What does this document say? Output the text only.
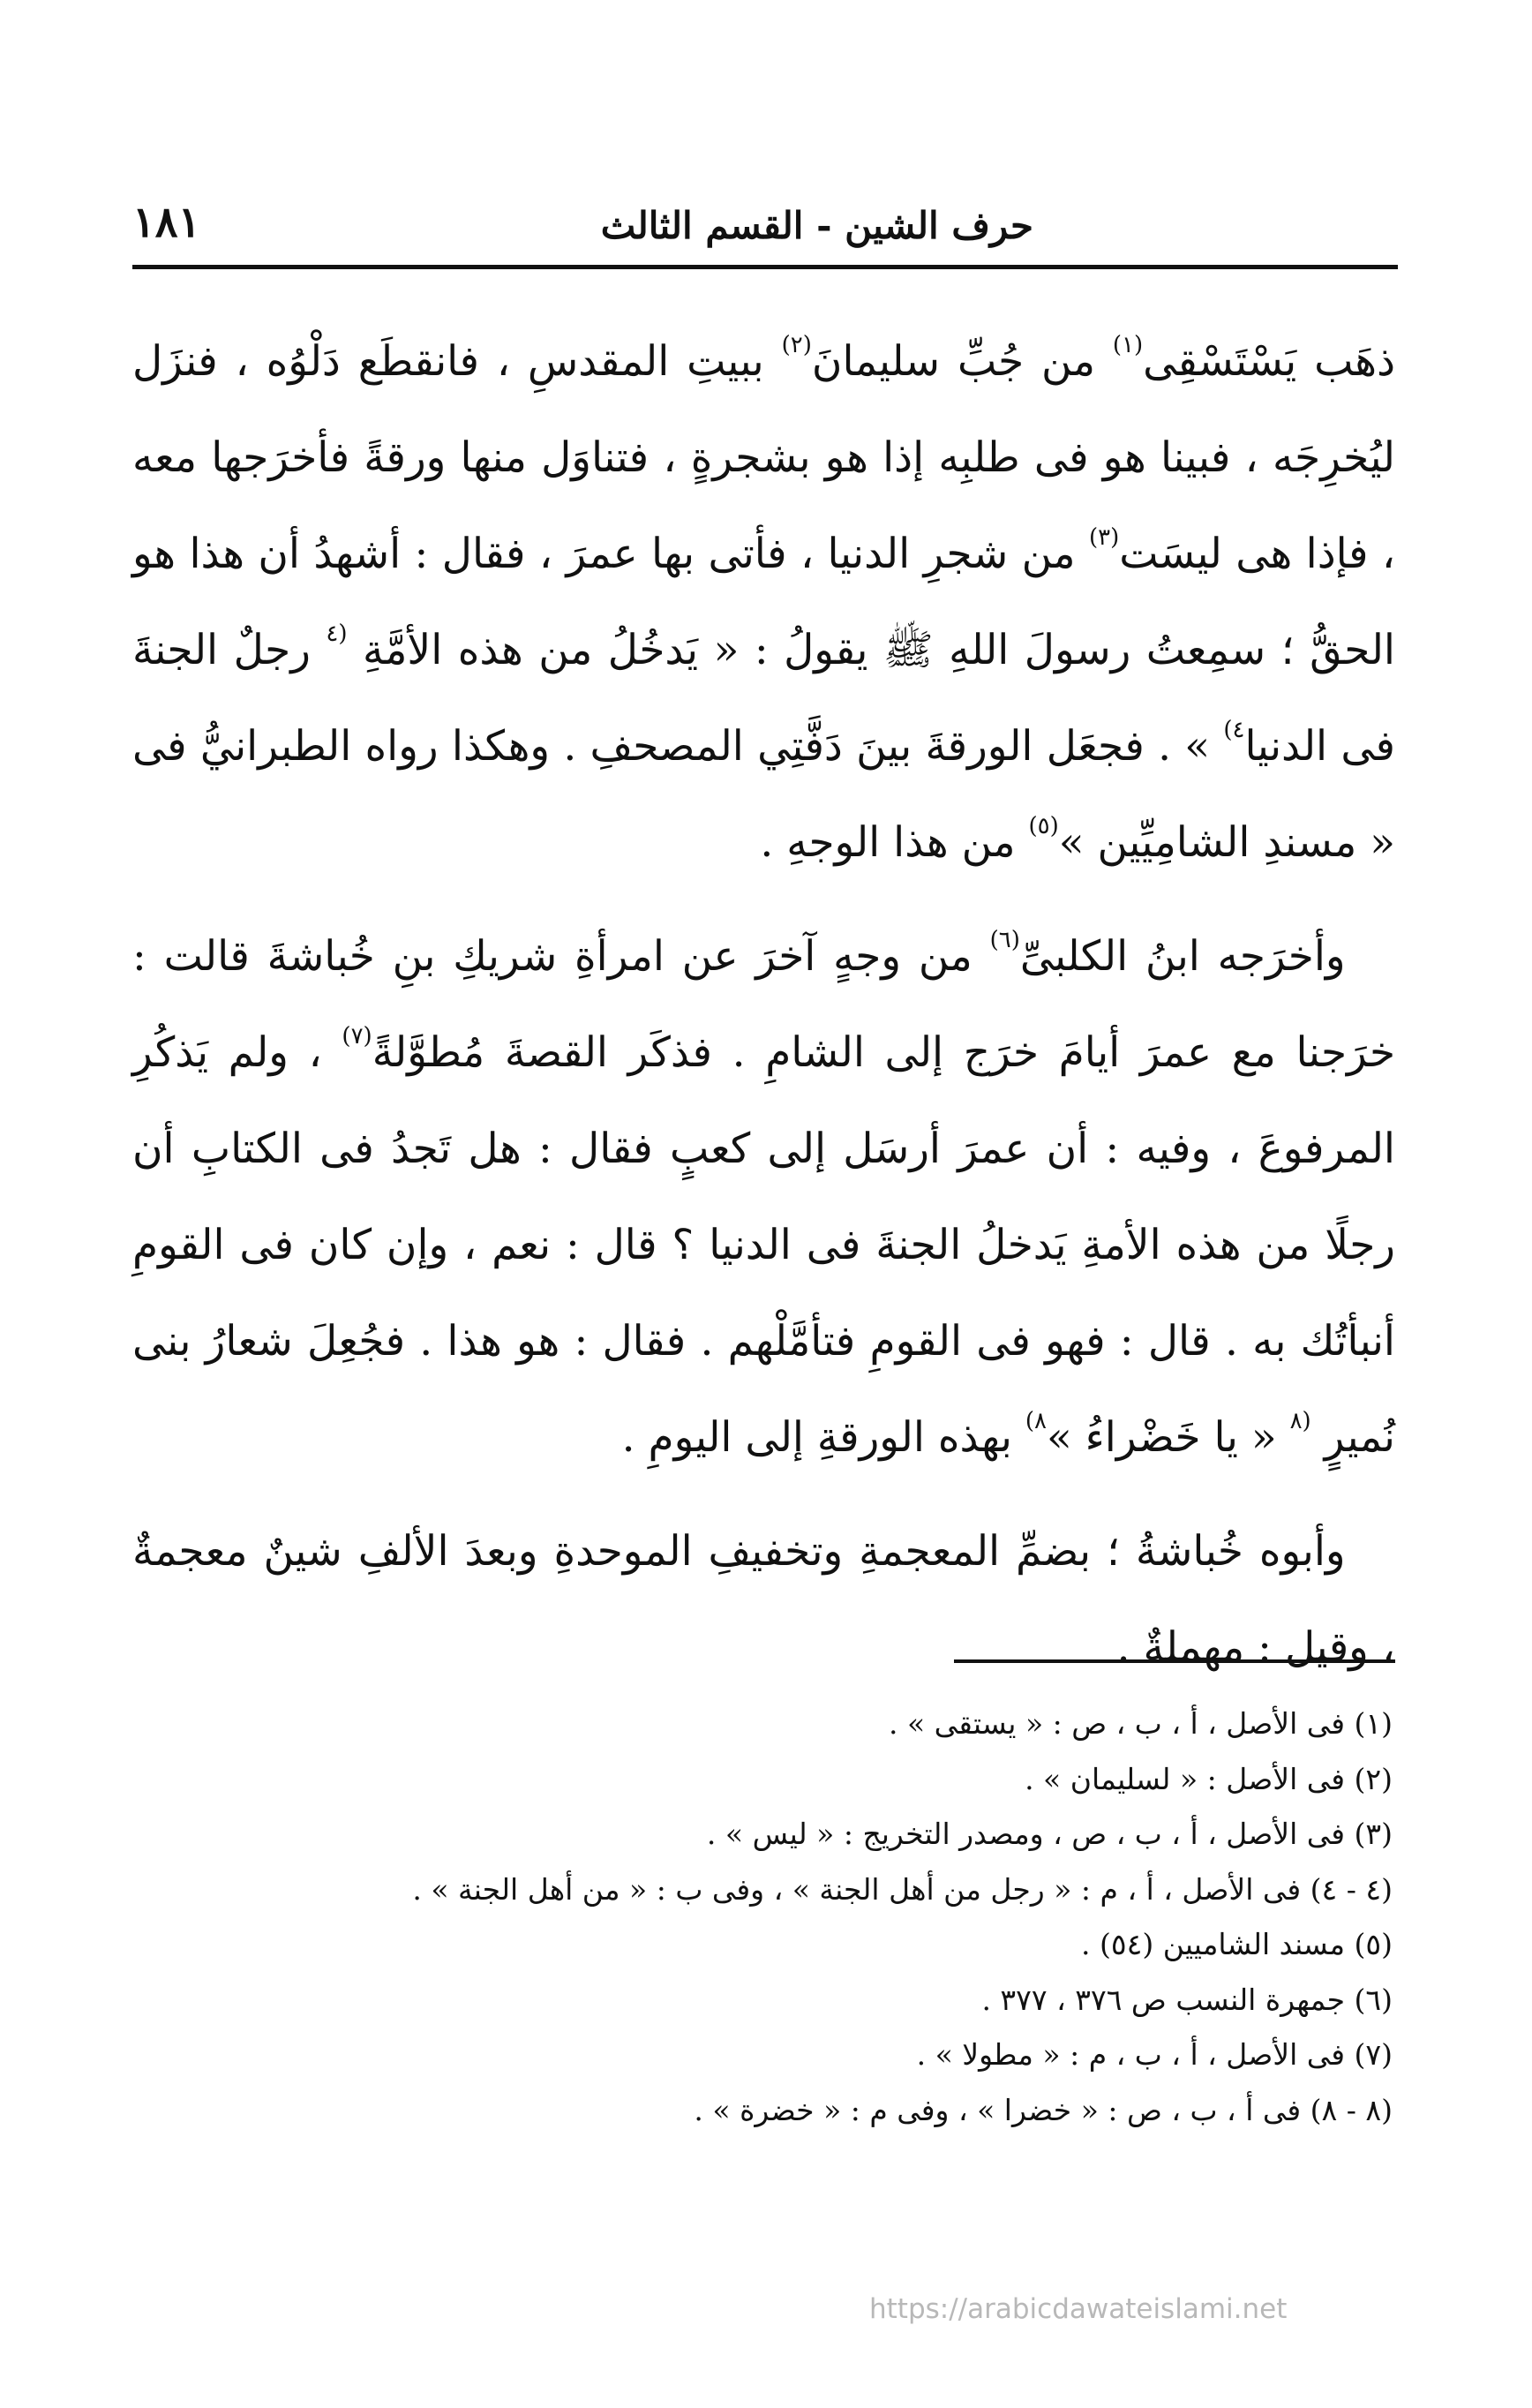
حرف الشين - القسم الثالث
١٨١

ذهَب يَسْتَسْقِى$^{(١)}$ من جُبِّ سليمانَ$^{(٢)}$ ببيتِ المقدسِ ، فانقطَع دَلْوُه ، فنزَل ليُخرِجَه ، فبينا هو فى طلبِه إذا هو بشجرةٍ ، فتناوَل منها ورقةً فأخرَجها معه ، فإذا هى ليسَت$^{(٣)}$ من شجرِ الدنيا ، فأتى بها عمرَ ، فقال : أشهدُ أن هذا هو الحقُّ ؛ سمِعتُ رسولَ اللهِ ﷺ يقولُ : « يَدخُلُ من هذه الأمَّةِ $^{(٤}$ رجلٌ الجنةَ فى الدنيا$^{٤)}$ » . فجعَل الورقةَ بينَ دَفَّتِي المصحفِ . وهكذا رواه الطبرانيُّ فى « مسندِ الشامِيِّين »$^{(٥)}$ من هذا الوجهِ .

وأخرَجه ابنُ الكلبىِّ$^{(٦)}$ من وجهٍ آخرَ عن امرأةِ شريكِ بنِ خُباشةَ قالت : خرَجنا مع عمرَ أيامَ خرَج إلى الشامِ . فذكَر القصةَ مُطوَّلةً$^{(٧)}$ ، ولم يَذكُرِ المرفوعَ ، وفيه : أن عمرَ أرسَل إلى كعبٍ فقال : هل تَجدُ فى الكتابِ أن رجلًا من هذه الأمةِ يَدخلُ الجنةَ فى الدنيا ؟ قال : نعم ، وإن كان فى القومِ أنبأتُك به . قال : فهو فى القومِ فتأمَّلْهم . فقال : هو هذا . فجُعِلَ شعارُ بنى نُميرٍ $^{(٨}$ « يا خَضْراءُ »$^{٨)}$ بهذه الورقةِ إلى اليومِ .

وأبوه خُباشةُ ؛ بضمِّ المعجمةِ وتخفيفِ الموحدةِ وبعدَ الألفِ شينٌ معجمةٌ ، وقيل : مهملةٌ .

(١) فى الأصل ، أ ، ب ، ص : « يستقى » .

(٢) فى الأصل : « لسليمان » .

(٣) فى الأصل ، أ ، ب ، ص ، ومصدر التخريج : « ليس » .

(٤ - ٤) فى الأصل ، أ ، م : « رجل من أهل الجنة » ، وفى ب : « من أهل الجنة » .

(٥) مسند الشاميين (٥٤) .

(٦) جمهرة النسب ص ٣٧٦ ، ٣٧٧ .

(٧) فى الأصل ، أ ، ب ، م : « مطولا » .

(٨ - ٨) فى أ ، ب ، ص : « خضرا » ، وفى م : « خضرة » .

https://arabicdawateislami.net
